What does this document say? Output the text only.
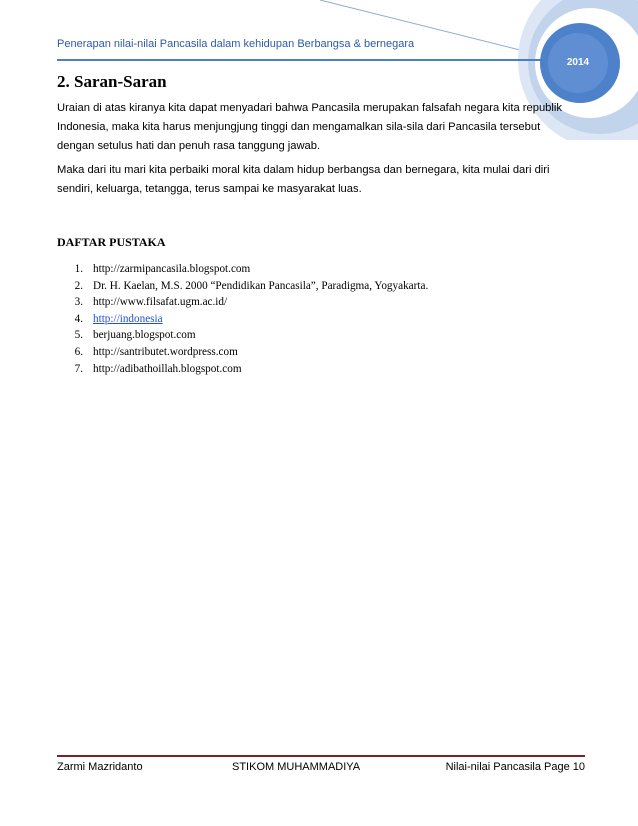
Penerapan nilai-nilai Pancasila dalam kehidupan Berbangsa & bernegara
2014
2. Saran-Saran

Uraian di atas kiranya kita dapat menyadari bahwa Pancasila merupakan falsafah negara kita republik Indonesia, maka kita harus menjungjung tinggi dan mengamalkan sila-sila dari Pancasila tersebut dengan setulus hati dan penuh rasa tanggung jawab.

Maka dari itu mari kita perbaiki moral kita dalam hidup berbangsa dan bernegara, kita mulai dari diri sendiri, keluarga, tetangga, terus sampai ke masyarakat luas.

DAFTAR PUSTAKA
1. http://zarmipancasila.blogspot.com
2. Dr. H. Kaelan, M.S. 2000 “Pendidikan Pancasila”, Paradigma, Yogyakarta.
3. http://www.filsafat.ugm.ac.id/
4. http://indonesia
5. berjuang.blogspot.com
6. http://santributet.wordpress.com
7. http://adibathoillah.blogspot.com
Zarmi Mazridanto	STIKOM MUHAMMADIYA	Nilai-nilai Pancasila Page 10
